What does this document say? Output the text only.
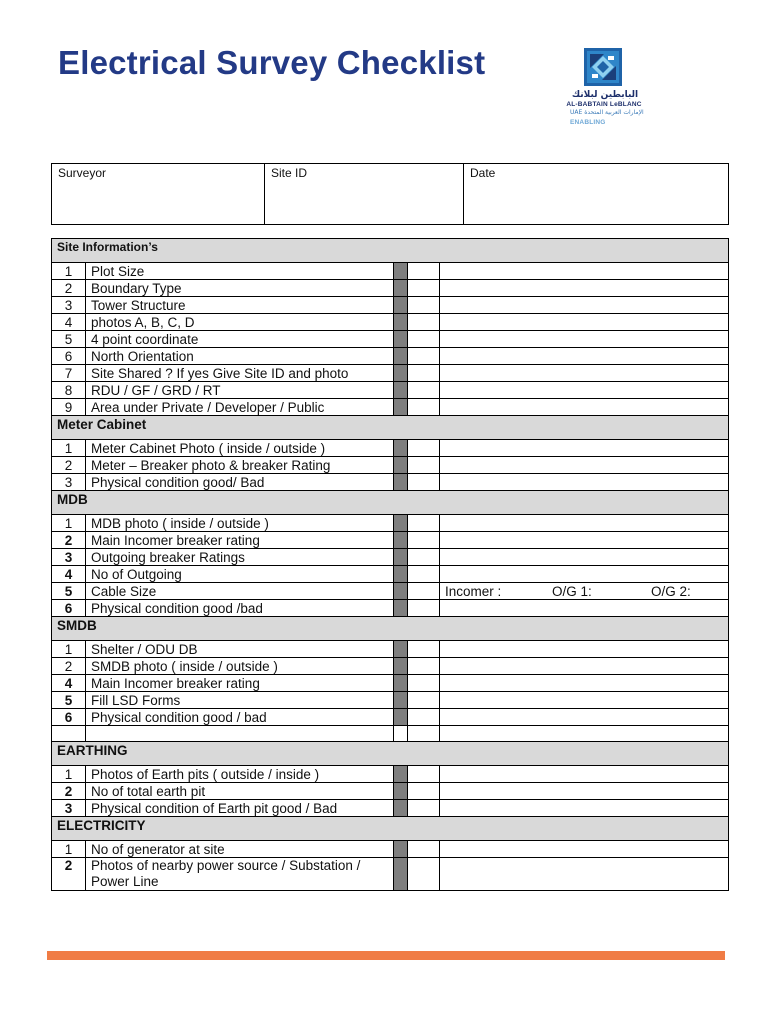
Electrical Survey Checklist
البابطين لبلانك
AL-BABTAIN LeBLANC
UAE الإمارات العربية المتحدة
ENABLING
Surveyor	Site ID	Date
Site Information’s				
1	Plot Size			
2	Boundary Type			
3	Tower Structure			
4	photos A, B, C, D			
5	4 point coordinate			
6	North Orientation			
7	Site Shared ? If yes Give Site ID and photo			
8	RDU / GF / GRD / RT			
9	Area under Private / Developer / Public			
Meter Cabinet				
1	Meter Cabinet Photo ( inside / outside )			
2	Meter – Breaker photo & breaker Rating			
3	Physical condition good/ Bad			
MDB				
1	MDB photo ( inside / outside )			
2	Main Incomer breaker rating			
3	Outgoing breaker Ratings			
4	No of Outgoing			
5	Cable Size			Incomer : O/G 1: O/G 2:

6	Physical condition good /bad			
SMDB				
1	Shelter / ODU DB			
2	SMDB photo ( inside / outside )			
4	Main Incomer breaker rating			
5	Fill LSD Forms			
6	Physical condition good / bad			

EARTHING				
1	Photos of Earth pits ( outside / inside )			
2	No of total earth pit			
3	Physical condition of Earth pit good / Bad			
ELECTRICITY				
1	No of generator at site			
2	Photos of nearby power source / Substation / Power Line			
